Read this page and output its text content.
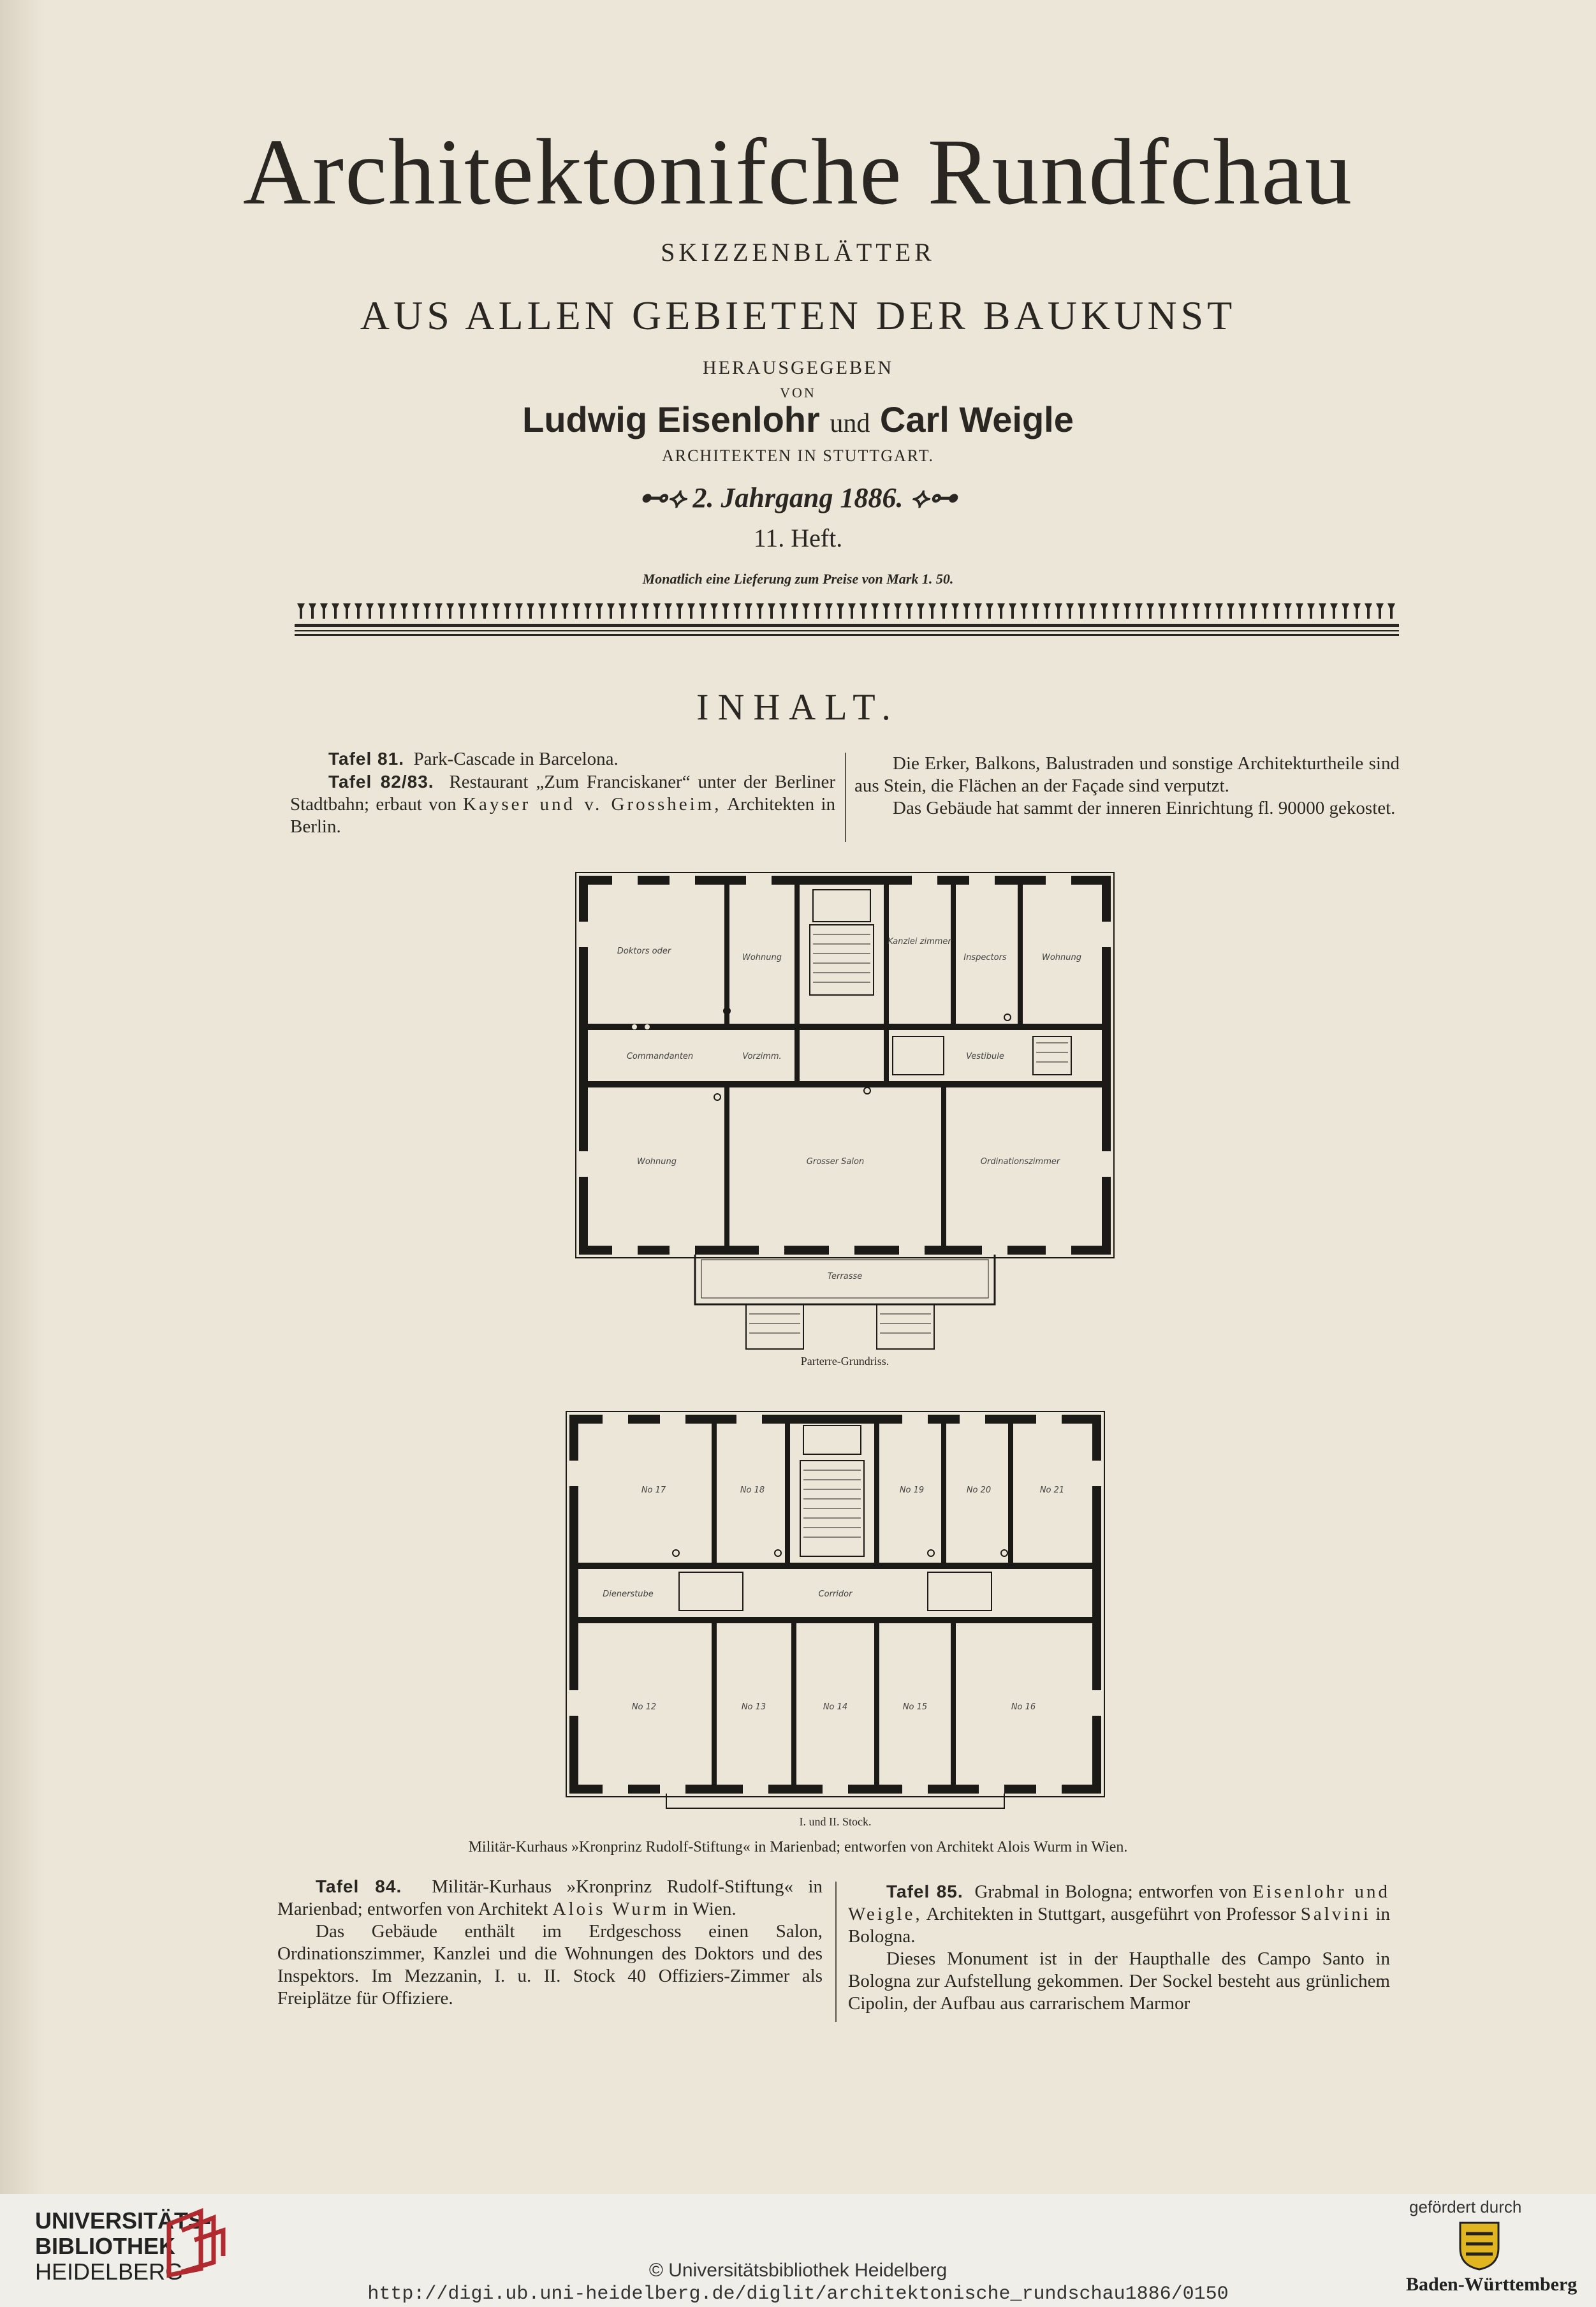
Architektonifche Rundfchau
SKIZZENBLÄTTER
AUS ALLEN GEBIETEN DER BAUKUNST
HERAUSGEGEBEN
VON
Ludwig Eisenlohr und Carl Weigle
ARCHITEKTEN IN STUTTGART.
⊷⟡ 2. Jahrgang 1886. ⟡⊶
11. Heft.
Monatlich eine Lieferung zum Preise von Mark 1. 50.
INHALT.

Tafel 81. Park-Cascade in Barcelona.

Tafel 82/83. Restaurant „Zum Franciskaner“ unter der Berliner Stadtbahn; erbaut von Kayser und v. Grossheim, Architekten in Berlin.

Die Erker, Balkons, Balustraden und sonstige Architekturtheile sind aus Stein, die Flächen an der Façade sind verputzt.

Das Gebäude hat sammt der inneren Einrichtung fl. 90000 gekostet.

Doktors oder
Wohnung
Kanzlei zimmer
Inspectors	Wohnung
Commandanten	Vorzimm.	Vestibule
Wohnung	Grosser Salon	Ordinationszimmer
Terrasse
Parterre-Grundriss.
No 17	No 18	No 19	No 20	No 21
Dienerstube	Corridor
No 12	No 13	No 14	No 15	No 16
I. und II. Stock.
Militär-Kurhaus »Kronprinz Rudolf-Stiftung« in Marienbad; entworfen von Architekt Alois Wurm in Wien.

Tafel 84. Militär-Kurhaus »Kronprinz Rudolf-Stiftung« in Marienbad; entworfen von Architekt Alois Wurm in Wien.

Das Gebäude enthält im Erdgeschoss einen Salon, Ordinationszimmer, Kanzlei und die Wohnungen des Doktors und des Inspektors. Im Mezzanin, I. u. II. Stock 40 Offiziers-Zimmer als Freiplätze für Offiziere.

Tafel 85. Grabmal in Bologna; entworfen von Eisenlohr und Weigle, Architekten in Stuttgart, ausgeführt von Professor Salvini in Bologna.

Dieses Monument ist in der Haupthalle des Campo Santo in Bologna zur Aufstellung gekommen. Der Sockel besteht aus grünlichem Cipolin, der Aufbau aus carrarischem Marmor

UNIVERSITÄTS-
BIBLIOTHEK
HEIDELBERG	© Universitätsbibliothek Heidelberg
http://digi.ub.uni-heidelberg.de/diglit/architektonische_rundschau1886/0150
gefördert durch
Baden-Württemberg
